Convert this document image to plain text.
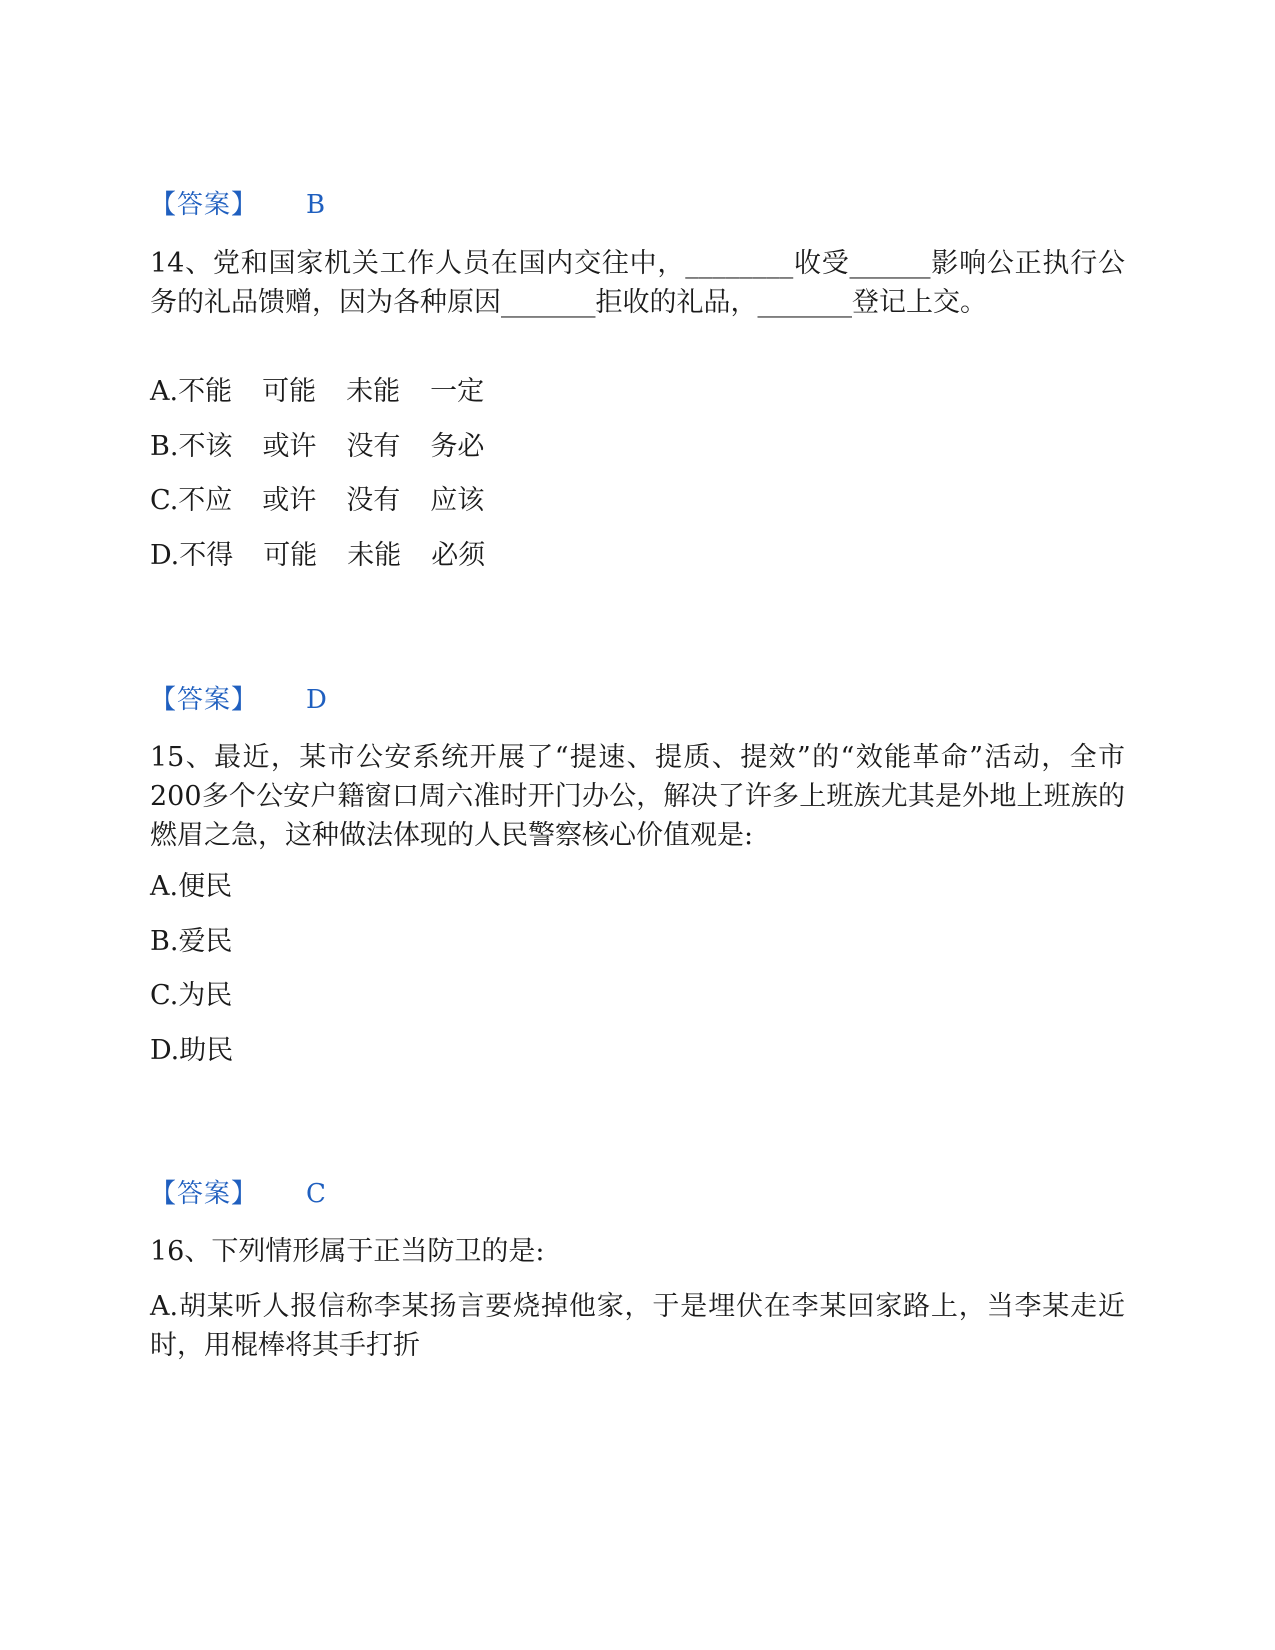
【答案】 B
14、党和国家机关工作人员在国内交往中，________收受______影响公正执行公务的礼品馈赠，因为各种原因_______拒收的礼品，_______登记上交。
A.不能 可能 未能 一定
B.不该 或许 没有 务必
C.不应 或许 没有 应该
D.不得 可能 未能 必须
【答案】 D
15、最近，某市公安系统开展了“提速、提质、提效”的“效能革命”活动，全市200多个公安户籍窗口周六准时开门办公，解决了许多上班族尤其是外地上班族的燃眉之急，这种做法体现的人民警察核心价值观是:
A.便民
B.爱民
C.为民
D.助民
【答案】 C
16、下列情形属于正当防卫的是:
A.胡某听人报信称李某扬言要烧掉他家，于是埋伏在李某回家路上，当李某走近时，用棍棒将其手打折
